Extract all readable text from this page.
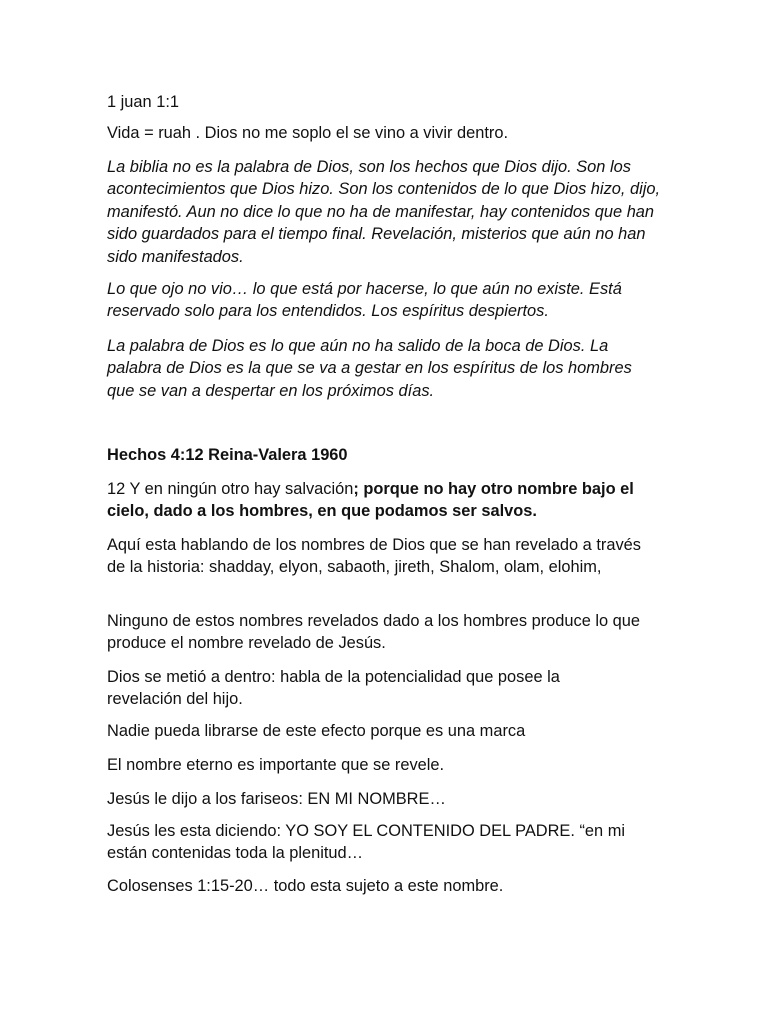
1 juan 1:1

Vida = ruah . Dios no me soplo el se vino a vivir dentro.

La biblia no es la palabra de Dios, son los hechos que Dios dijo. Son los acontecimientos que Dios hizo. Son los contenidos de lo que Dios hizo, dijo, manifestó. Aun no dice lo que no ha de manifestar, hay contenidos que han sido guardados para el tiempo final. Revelación, misterios que aún no han sido manifestados.

Lo que ojo no vio… lo que está por hacerse, lo que aún no existe. Está reservado solo para los entendidos. Los espíritus despiertos.

La palabra de Dios es lo que aún no ha salido de la boca de Dios. La palabra de Dios es la que se va a gestar en los espíritus de los hombres que se van a despertar en los próximos días.

Hechos 4:12 Reina-Valera 1960

12 Y en ningún otro hay salvación; porque no hay otro nombre bajo el cielo, dado a los hombres, en que podamos ser salvos.

Aquí esta hablando de los nombres de Dios que se han revelado a través de la historia: shadday, elyon, sabaoth, jireth, Shalom, olam, elohim,

Ninguno de estos nombres revelados dado a los hombres produce lo que produce el nombre revelado de Jesús.

Dios se metió a dentro: habla de la potencialidad que posee la revelación del hijo.

Nadie pueda librarse de este efecto porque es una marca

El nombre eterno es importante que se revele.

Jesús le dijo a los fariseos: EN MI NOMBRE…

Jesús les esta diciendo: YO SOY EL CONTENIDO DEL PADRE. “en mi están contenidas toda la plenitud…

Colosenses 1:15-20… todo esta sujeto a este nombre.
